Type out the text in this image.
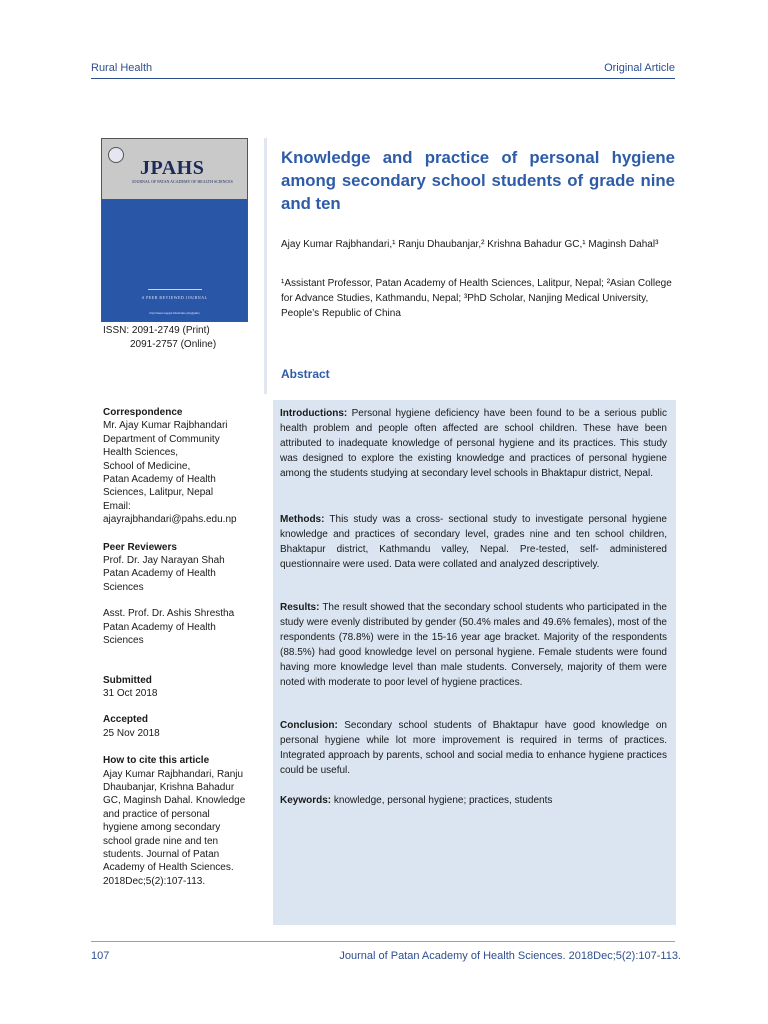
Rural Health	Original Article
JPAHS
JOURNAL OF PATAN ACADEMY OF HEALTH SCIENCES
A PEER REVIEWED JOURNAL
http://www.nepjol.info/index.php/jpahs
ISSN: 2091-2749 (Print)
2091-2757 (Online)
Correspondence
Mr. Ajay Kumar Rajbhandari
Department of Community
Health Sciences,
School of Medicine,
Patan Academy of Health
Sciences, Lalitpur, Nepal
Email:
ajayrajbhandari@pahs.edu.np
Peer Reviewers
Prof. Dr. Jay Narayan Shah
Patan Academy of Health
Sciences
Asst. Prof. Dr. Ashis Shrestha
Patan Academy of Health
Sciences
Submitted
31 Oct 2018
Accepted
25 Nov 2018
How to cite this article
Ajay Kumar Rajbhandari, Ranju
Dhaubanjar, Krishna Bahadur
GC, Maginsh Dahal. Knowledge
and practice of personal
hygiene among secondary
school grade nine and ten
students. Journal of Patan
Academy of Health Sciences.
2018Dec;5(2):107-113.
Knowledge and practice of personal hygiene among secondary school students of grade nine and ten
Ajay Kumar Rajbhandari,¹ Ranju Dhaubanjar,² Krishna Bahadur GC,¹ Maginsh Dahal³
¹Assistant Professor, Patan Academy of Health Sciences, Lalitpur, Nepal; ²Asian College for Advance Studies, Kathmandu, Nepal; ³PhD Scholar, Nanjing Medical University, People’s Republic of China
Abstract
Introductions: Personal hygiene deficiency have been found to be a serious public health problem and people often affected are school children. These have been attributed to inadequate knowledge of personal hygiene and its practices. This study was designed to explore the existing knowledge and practices of personal hygiene among the students studying at secondary level schools in Bhaktapur district, Nepal.
Methods: This study was a cross- sectional study to investigate personal hygiene knowledge and practices of secondary level, grades nine and ten school children, Bhaktapur district, Kathmandu valley, Nepal. Pre-tested, self- administered questionnaire were used. Data were collated and analyzed descriptively.
Results: The result showed that the secondary school students who participated in the study were evenly distributed by gender (50.4% males and 49.6% females), most of the respondents (78.8%) were in the 15-16 year age bracket. Majority of the respondents (88.5%) had good knowledge level on personal hygiene. Female students were found having more knowledge level than male students. Conversely, majority of them were noted with moderate to poor level of hygiene practices.
Conclusion: Secondary school students of Bhaktapur have good knowledge on personal hygiene while lot more improvement is required in terms of practices. Integrated approach by parents, school and social media to enhance hygiene practices could be useful.
Keywords: knowledge, personal hygiene; practices, students
107	Journal of Patan Academy of Health Sciences. 2018Dec;5(2):107-113.
